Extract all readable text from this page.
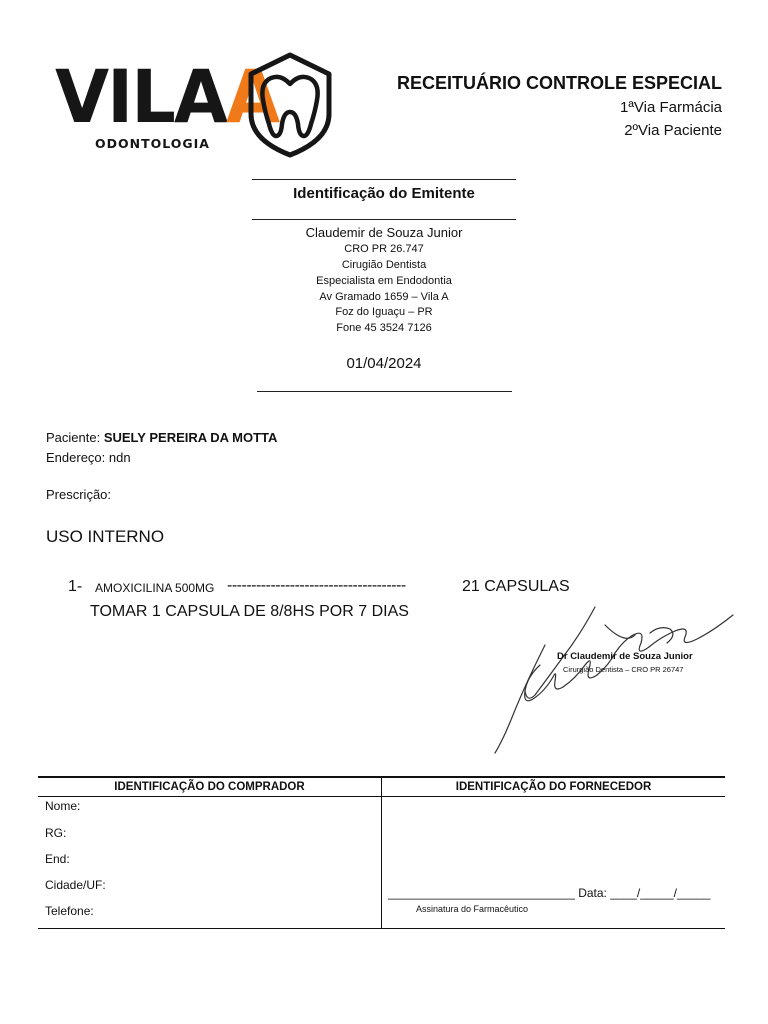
VILAA
ODONTOLOGIA
RECEITUÁRIO CONTROLE ESPECIAL
1ªVia Farmácia
2ºVia Paciente
Identificação do Emitente
Claudemir de Souza Junior
CRO PR 26.747
Cirugião Dentista
Especialista em Endodontia
Av Gramado 1659 – Vila A
Foz do Iguaçu – PR
Fone 45 3524 7126
01/04/2024
Paciente: SUELY PEREIRA DA MOTTA
Endereço: ndn
Prescrição:
USO INTERNO
1- AMOXICILINA 500MG -------------------------------------	21 CAPSULAS
TOMAR 1 CAPSULA DE 8/8HS POR 7 DIAS
Dr Claudemir de Souza Junior
Cirurgião Dentista – CRO PR 26747
IDENTIFICAÇÃO DO COMPRADOR	IDENTIFICAÇÃO DO FORNECEDOR
Nome:
RG:
End:
Cidade/UF:
Telefone:
____________________________ Data: ____/_____/_____
Assinatura do Farmacêutico
